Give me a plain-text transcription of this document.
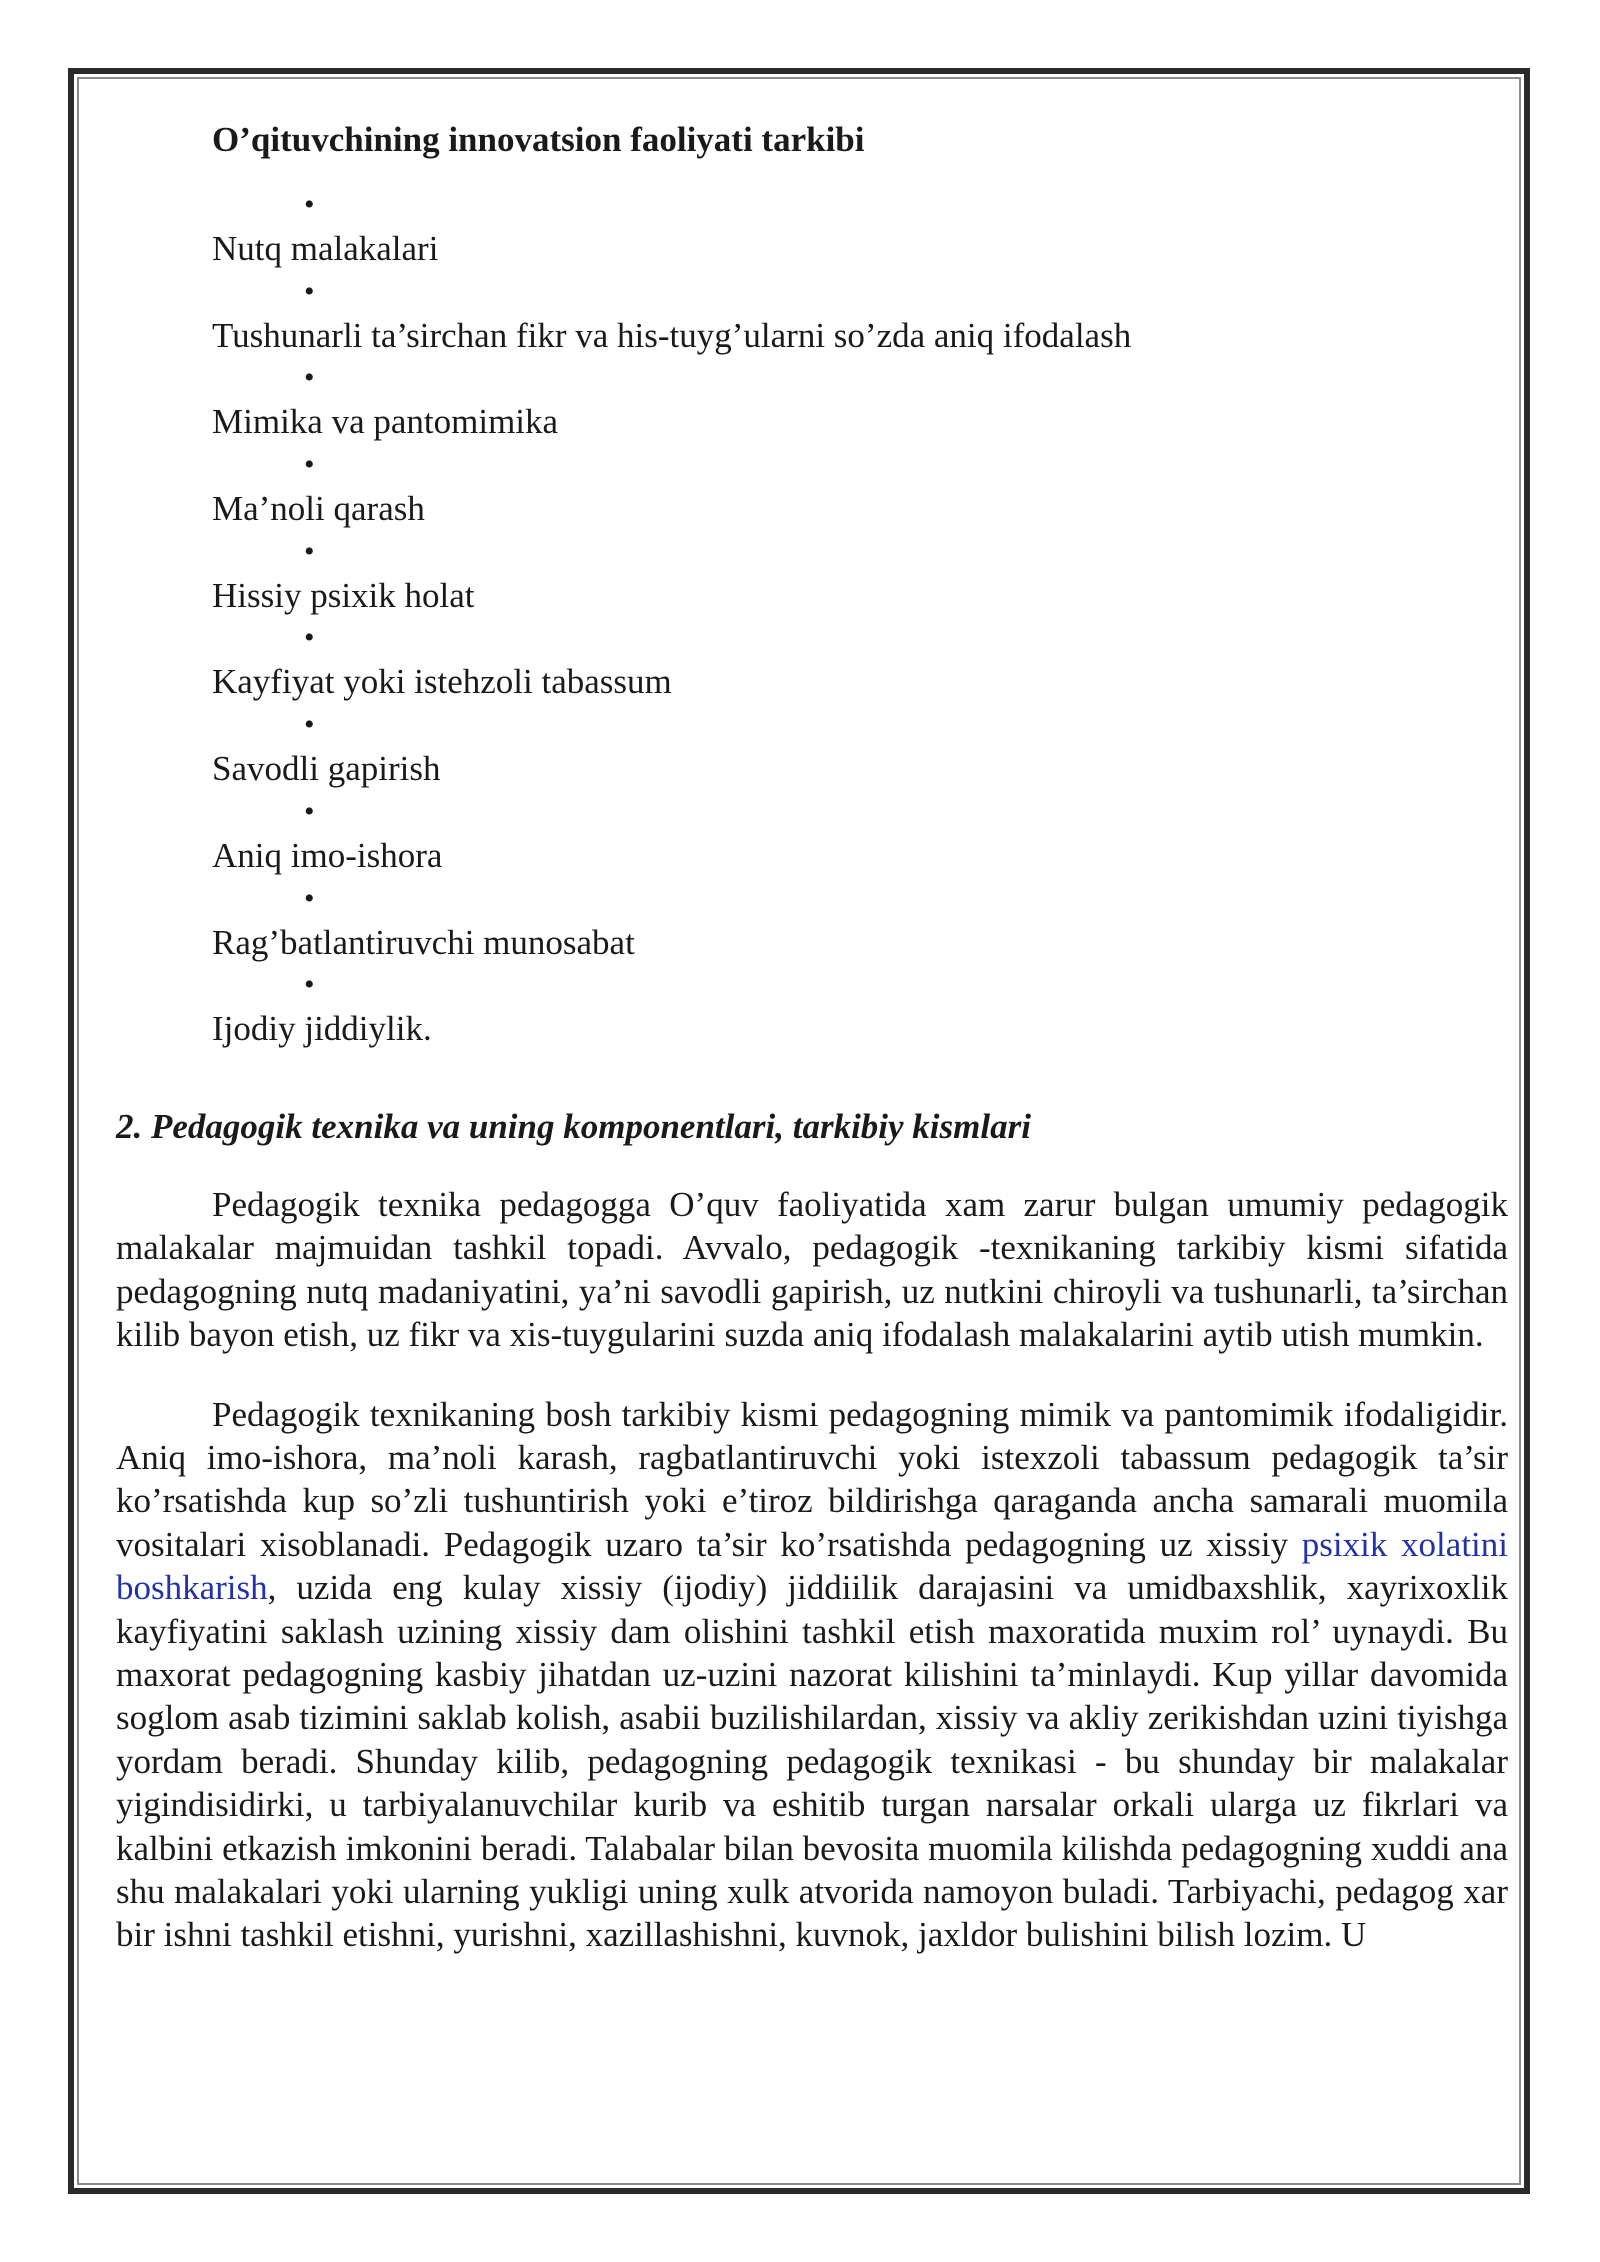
O’qituvchining innovatsion faoliyati tarkibi
•
Nutq malakalari
•
Tushunarli ta’sirchan fikr va his-tuyg’ularni so’zda aniq ifodalash
•
Mimika va pantomimika
•
Ma’noli qarash
•
Hissiy psixik holat
•
Kayfiyat yoki istehzoli tabassum
•
Savodli gapirish
•
Aniq imo-ishora
•
Rag’batlantiruvchi munosabat
•
Ijodiy jiddiylik.
2. Pedagogik texnika va uning komponentlari, tarkibiy kismlari

Pedagogik texnika pedagogga O’quv faoliyatida xam zarur bulgan umumiy pedagogik malakalar majmuidan tashkil topadi. Avvalo, pedagogik -texnikaning tarkibiy kismi sifatida pedagogning nutq madaniyatini, ya’ni savodli gapirish, uz nutkini chiroyli va tushunarli, ta’sirchan kilib bayon etish, uz fikr va xis-tuygularini suzda aniq ifodalash malakalarini aytib utish mumkin.

Pedagogik texnikaning bosh tarkibiy kismi pedagogning mimik va pantomimik ifodaligidir. Aniq imo-ishora, ma’noli karash, ragbatlantiruvchi yoki istexzoli tabassum pedagogik ta’sir ko’rsatishda kup so’zli tushuntirish yoki e’tiroz bildirishga qaraganda ancha samarali muomila vositalari xisoblanadi. Pedagogik uzaro ta’sir ko’rsatishda pedagogning uz xissiy psixik xolatini boshkarish, uzida eng kulay xissiy (ijodiy) jiddiilik darajasini va umidbaxshlik, xayrixoxlik kayfiyatini saklash uzining xissiy dam olishini tashkil etish maxoratida muxim rol’ uynaydi. Bu maxorat pedagogning kasbiy jihatdan uz-uzini nazorat kilishini ta’minlaydi. Kup yillar davomida soglom asab tizimini saklab kolish, asabii buzilishilardan, xissiy va akliy zerikishdan uzini tiyishga yordam beradi. Shunday kilib, pedagogning pedagogik texnikasi - bu shunday bir malakalar yigindisidirki, u tarbiyalanuvchilar kurib va eshitib turgan narsalar orkali ularga uz fikrlari va kalbini etkazish imkonini beradi. Talabalar bilan bevosita muomila kilishda pedagogning xuddi ana shu malakalari yoki ularning yukligi uning xulk atvorida namoyon buladi. Tarbiyachi, pedagog xar bir ishni tashkil etishni, yurishni, xazillashishni, kuvnok, jaxldor bulishini bilish lozim. U
